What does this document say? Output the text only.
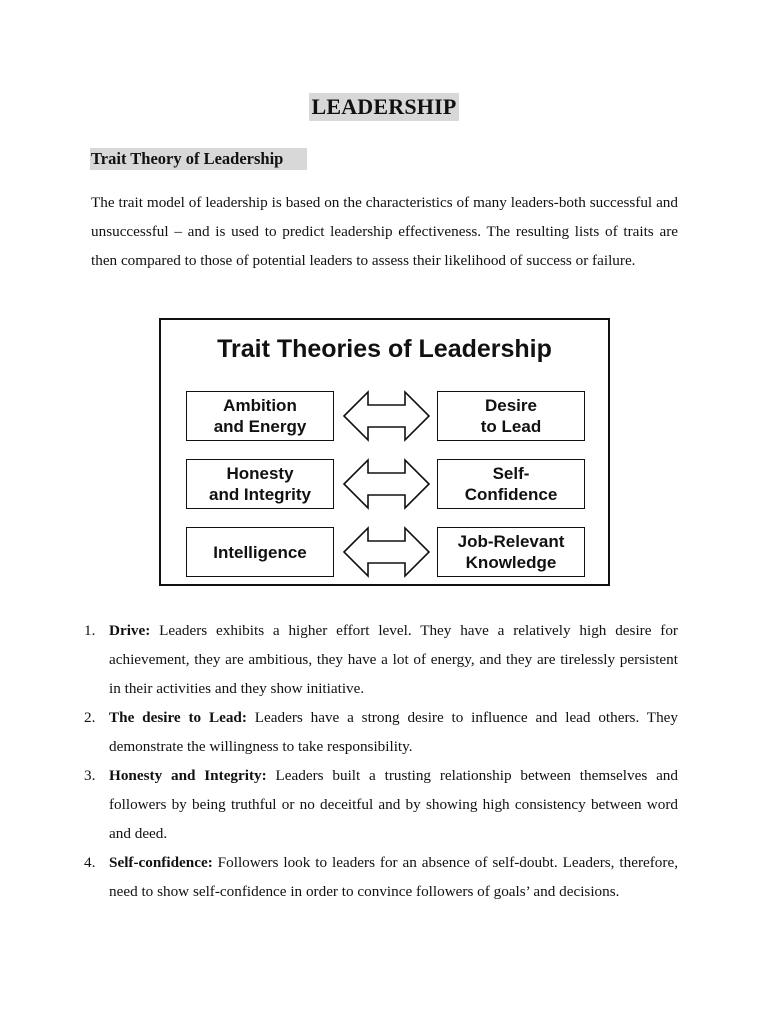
LEADERSHIP
Trait Theory of Leadership

The trait model of leadership is based on the characteristics of many leaders-both successful and unsuccessful – and is used to predict leadership effectiveness. The resulting lists of traits are then compared to those of potential leaders to assess their likelihood of success or failure.

Trait Theories of Leadership
Ambition
and Energy
Honesty
and Integrity
Intelligence
Desire
to Lead
Self-
Confidence
Job-Relevant
Knowledge
1. Drive: Leaders exhibits a higher effort level. They have a relatively high desire for achievement, they are ambitious, they have a lot of energy, and they are tirelessly persistent in their activities and they show initiative.
2. The desire to Lead: Leaders have a strong desire to influence and lead others. They demonstrate the willingness to take responsibility.
3. Honesty and Integrity: Leaders built a trusting relationship between themselves and followers by being truthful or no deceitful and by showing high consistency between word and deed.
4. Self-confidence: Followers look to leaders for an absence of self-doubt. Leaders, therefore, need to show self-confidence in order to convince followers of goals’ and decisions.
